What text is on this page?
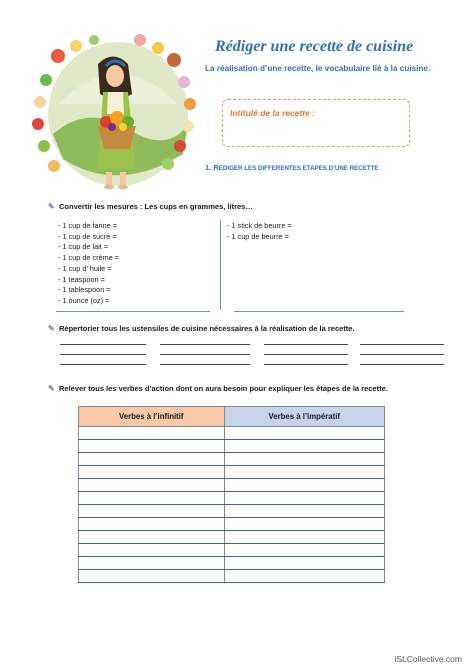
Rédiger une recette de cuisine
La réalisation d’une recette, le vocabulaire lié à la cuisine.
Intitulé de la recette :
1. REDIGER LES DIFFERENTES ETAPES D’UNE RECETTE
✎ Convertir les mesures : Les cups en grammes, litres…
- 1 cup de farine =
- 1 cup de sucre =
- 1 cup de lait =
- 1 cup de crème =
- 1 cup d’ huile =
- 1 teaspoon =
- 1 tablespoon =
- 1 ounce (oz) =
- 1 stick de beurre =
- 1 cup de beurre =
✎ Répertorier tous les ustensiles de cuisine nécessaires à la réalisation de la recette.
✎ Relever tous les verbes d’action dont on aura besoin pour expliquer les étapes de la recette.
Verbes à l’infinitif	Verbes à l’impératif

iSLCollective.com
